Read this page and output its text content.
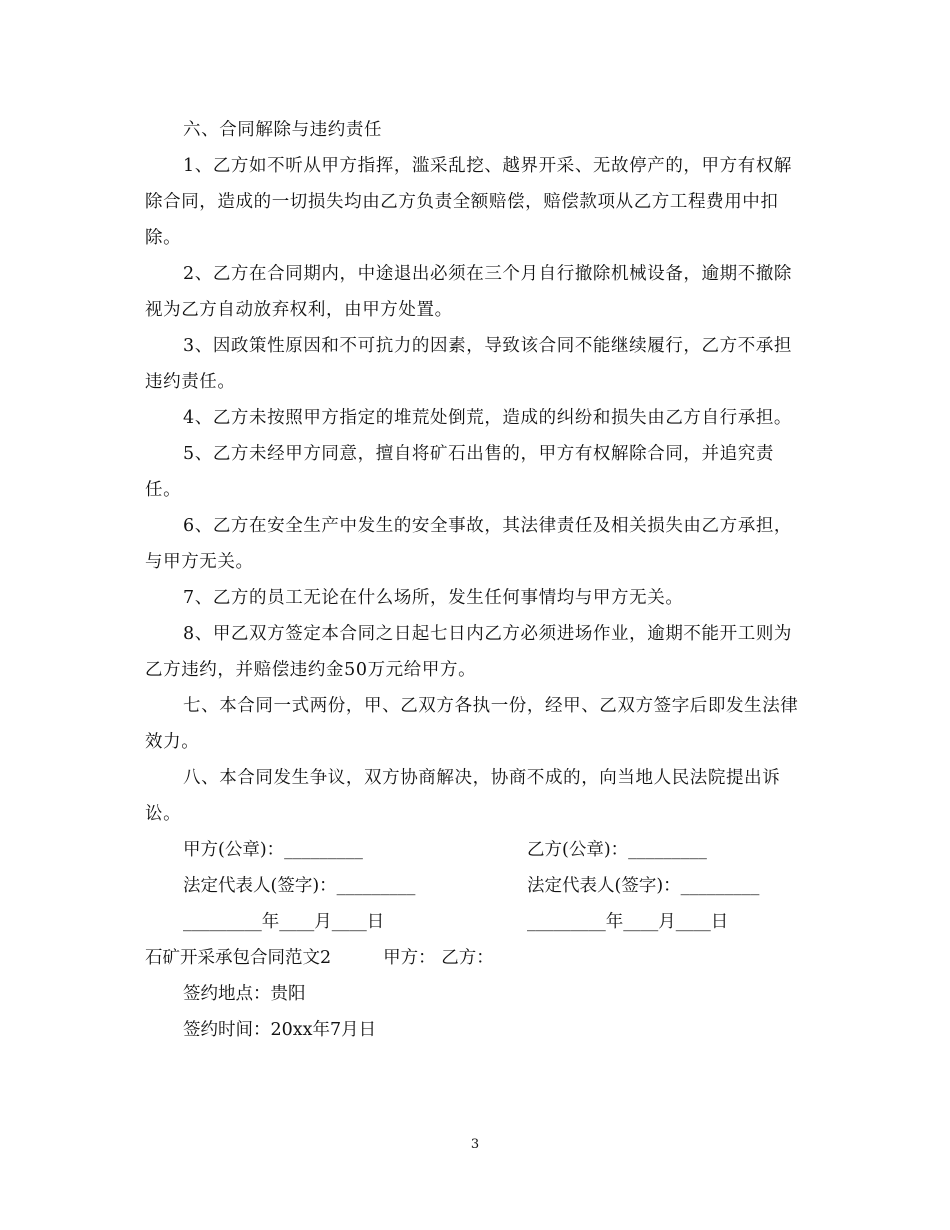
六、合同解除与违约责任

1、乙方如不听从甲方指挥，滥采乱挖、越界开采、无故停产的，甲方有权解除合同，造成的一切损失均由乙方负责全额赔偿，赔偿款项从乙方工程费用中扣除。

2、乙方在合同期内，中途退出必须在三个月自行撤除机械设备，逾期不撤除视为乙方自动放弃权利，由甲方处置。

3、因政策性原因和不可抗力的因素，导致该合同不能继续履行，乙方不承担违约责任。

4、乙方未按照甲方指定的堆荒处倒荒，造成的纠纷和损失由乙方自行承担。

5、乙方未经甲方同意，擅自将矿石出售的，甲方有权解除合同，并追究责任。

6、乙方在安全生产中发生的安全事故，其法律责任及相关损失由乙方承担，与甲方无关。

7、乙方的员工无论在什么场所，发生任何事情均与甲方无关。

8、甲乙双方签定本合同之日起七日内乙方必须进场作业，逾期不能开工则为乙方违约，并赔偿违约金50万元给甲方。

七、本合同一式两份，甲、乙双方各执一份，经甲、乙双方签字后即发生法律效力。

八、本合同发生争议，双方协商解决，协商不成的，向当地人民法院提出诉讼。

甲方(公章)：_________	乙方(公章)：_________
法定代表人(签字)：_________	法定代表人(签字)：_________
_________年____月____日	_________年____月____日

石矿开采承包合同范文2	甲方： 乙方：

签约地点：贵阳

签约时间：20xx年7月日

3
